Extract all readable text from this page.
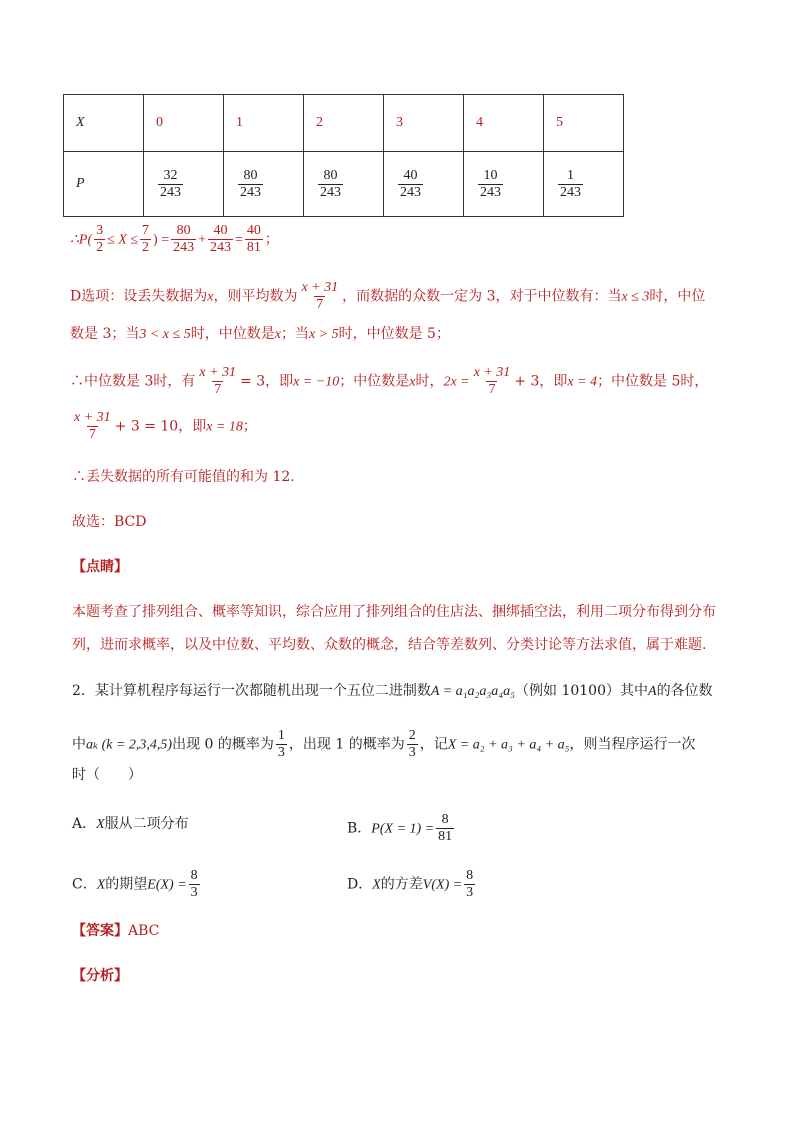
X	0	1	2	3	4	5
P	$\frac{32}{243}$	$\frac{80}{243}$	$\frac{80}{243}$	$\frac{40}{243}$	$\frac{10}{243}$	$\frac{1}{243}$
∴P( $\frac{3}{2} \le X \le \frac{7}{2}$ ) = $\frac{80}{243} + \frac{40}{243} = \frac{40}{81}$ ；
D选项：设丢失数据为x，则平均数为 $\frac{x + 31}{7}$ ，而数据的众数一定为 3，对于中位数有：当x ≤ 3时，中位
数是 3；当3 < x ≤ 5时，中位数是x；当x > 5时，中位数是 5；
∴中位数是 3时，有 $\frac{x + 31}{7} = 3$，即x = −10；中位数是x时，$2x = \frac{x + 31}{7} + 3$，即x = 4；中位数是 5时，
$\frac{x + 31}{7} + 3 = 10$，即x = 18；
∴丢失数据的所有可能值的和为 12.
故选：BCD
【点睛】
本题考查了排列组合、概率等知识，综合应用了排列组合的住店法、捆绑插空法，利用二项分布得到分布
列，进而求概率，以及中位数、平均数、众数的概念，结合等差数列、分类讨论等方法求值，属于难题.
2．某计算机程序每运行一次都随机出现一个五位二进制数A = a₁a₂a₃a₄a₅（例如 10100）其中A的各位数
中aₖ (k = 2,3,4,5)出现 0 的概率为 $\frac{1}{3}$ ，出现 1 的概率为 $\frac{2}{3}$ ，记X = a₂ + a₃ + a₄ + a₅，则当程序运行一次
时（　　）
A．X服从二项分布	B．$P(X = 1) = \frac{8}{81}$
C．X的期望$E(X) = \frac{8}{3}$	D．X的方差$V(X) = \frac{8}{3}$
【答案】ABC
【分析】
